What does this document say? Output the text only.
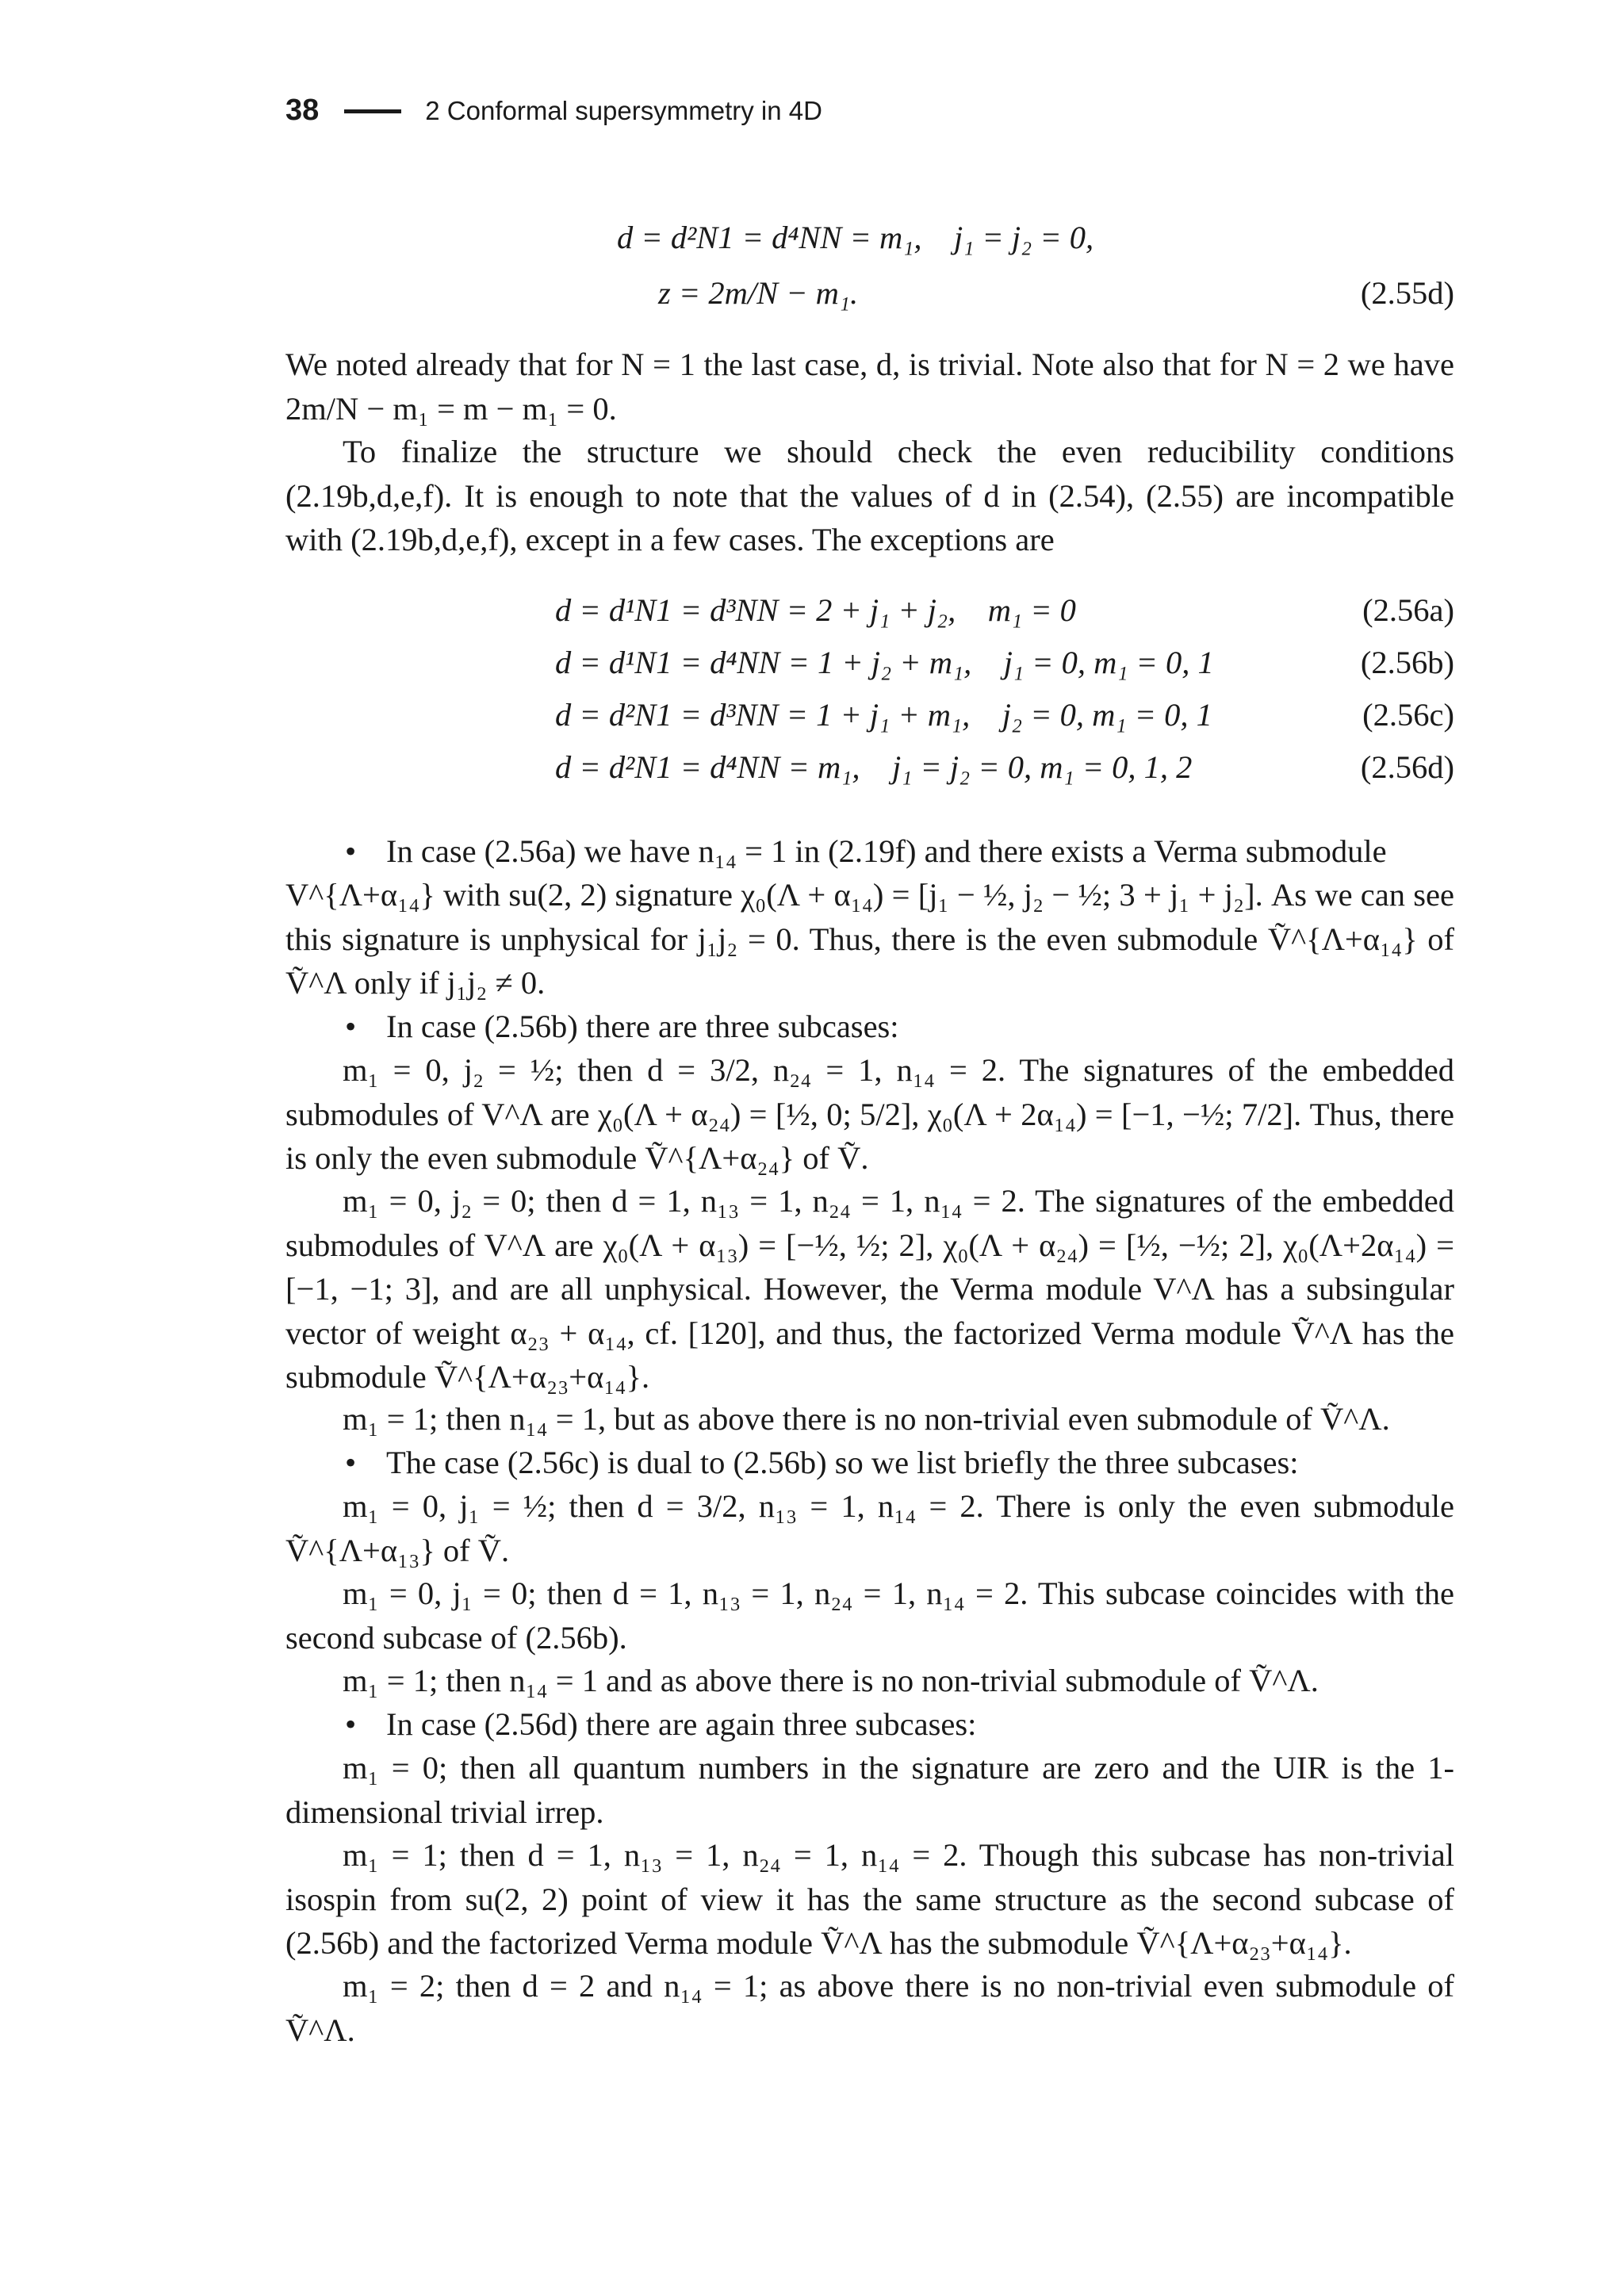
38	2 Conformal supersymmetry in 4D
d = d²N1 = d⁴NN = m₁,    j₁ = j₂ = 0,
z = 2m/N − m₁.	(2.55d)
We noted already that for N = 1 the last case, d, is trivial. Note also that for N = 2 we have 2m/N − m₁ = m − m₁ = 0.
To finalize the structure we should check the even reducibility conditions (2.19b,d,e,f). It is enough to note that the values of d in (2.54), (2.55) are incompatible with (2.19b,d,e,f), except in a few cases. The exceptions are
d = d¹N1 = d³NN = 2 + j₁ + j₂,    m₁ = 0	(2.56a)
d = d¹N1 = d⁴NN = 1 + j₂ + m₁,    j₁ = 0, m₁ = 0, 1	(2.56b)
d = d²N1 = d³NN = 1 + j₁ + m₁,    j₂ = 0, m₁ = 0, 1	(2.56c)
d = d²N1 = d⁴NN = m₁,    j₁ = j₂ = 0, m₁ = 0, 1, 2	(2.56d)
• In case (2.56a) we have n₁₄ = 1 in (2.19f) and there exists a Verma submodule
V^{Λ+α₁₄} with su(2, 2) signature χ₀(Λ + α₁₄) = [j₁ − ½, j₂ − ½; 3 + j₁ + j₂]. As we can see this signature is unphysical for j₁j₂ = 0. Thus, there is the even submodule Ṽ^{Λ+α₁₄} of Ṽ^Λ only if j₁j₂ ≠ 0.
• In case (2.56b) there are three subcases:
m₁ = 0, j₂ = ½; then d = 3/2, n₂₄ = 1, n₁₄ = 2. The signatures of the embedded submodules of V^Λ are χ₀(Λ + α₂₄) = [½, 0; 5/2], χ₀(Λ + 2α₁₄) = [−1, −½; 7/2]. Thus, there is only the even submodule Ṽ^{Λ+α₂₄} of Ṽ.
m₁ = 0, j₂ = 0; then d = 1, n₁₃ = 1, n₂₄ = 1, n₁₄ = 2. The signatures of the embedded submodules of V^Λ are χ₀(Λ + α₁₃) = [−½, ½; 2], χ₀(Λ + α₂₄) = [½, −½; 2], χ₀(Λ+2α₁₄) = [−1, −1; 3], and are all unphysical. However, the Verma module V^Λ has a subsingular vector of weight α₂₃ + α₁₄, cf. [120], and thus, the factorized Verma module Ṽ^Λ has the submodule Ṽ^{Λ+α₂₃+α₁₄}.
m₁ = 1; then n₁₄ = 1, but as above there is no non-trivial even submodule of Ṽ^Λ.
• The case (2.56c) is dual to (2.56b) so we list briefly the three subcases:
m₁ = 0, j₁ = ½; then d = 3/2, n₁₃ = 1, n₁₄ = 2. There is only the even submodule Ṽ^{Λ+α₁₃} of Ṽ.
m₁ = 0, j₁ = 0; then d = 1, n₁₃ = 1, n₂₄ = 1, n₁₄ = 2. This subcase coincides with the second subcase of (2.56b).
m₁ = 1; then n₁₄ = 1 and as above there is no non-trivial submodule of Ṽ^Λ.
• In case (2.56d) there are again three subcases:
m₁ = 0; then all quantum numbers in the signature are zero and the UIR is the 1-dimensional trivial irrep.
m₁ = 1; then d = 1, n₁₃ = 1, n₂₄ = 1, n₁₄ = 2. Though this subcase has non-trivial isospin from su(2, 2) point of view it has the same structure as the second subcase of (2.56b) and the factorized Verma module Ṽ^Λ has the submodule Ṽ^{Λ+α₂₃+α₁₄}.
m₁ = 2; then d = 2 and n₁₄ = 1; as above there is no non-trivial even submodule of Ṽ^Λ.
